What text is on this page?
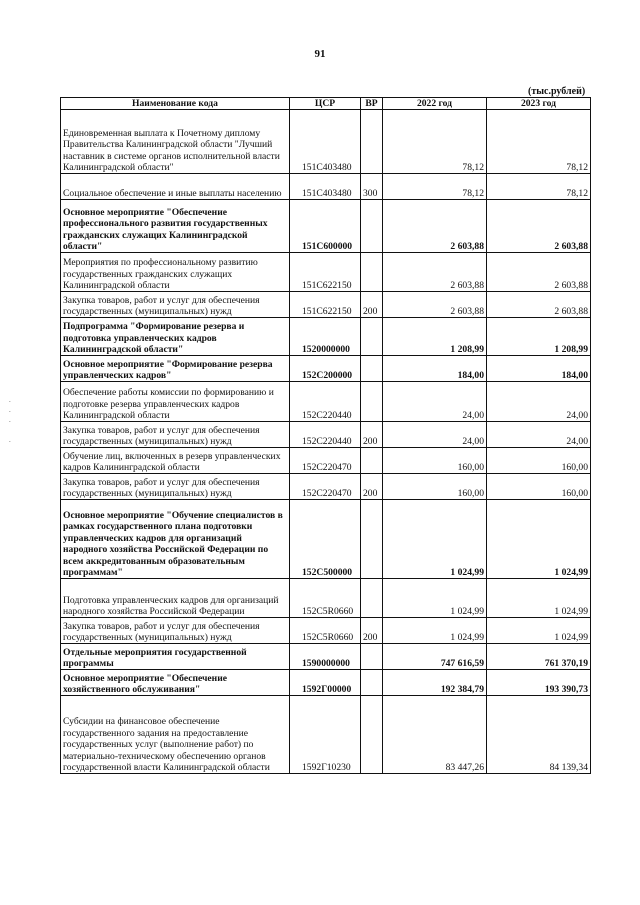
91
(тыс.рублей)
.
.
.

.
Наименование кода	ЦСР	ВР	2022 год	2023 год
Единовременная выплата к Почетному диплому Правительства Калининградской области "Лучший наставник в системе органов исполнительной власти Калининградской области"	151С403480		78,12	78,12
Социальное обеспечение и иные выплаты населению	151С403480	300	78,12	78,12
Основное мероприятие "Обеспечение профессионального развития государственных гражданских служащих Калининградской области"	151С600000		2 603,88	2 603,88
Мероприятия по профессиональному развитию государственных гражданских служащих Калининградской области	151С622150		2 603,88	2 603,88
Закупка товаров, работ и услуг для обеспечения государственных (муниципальных) нужд	151С622150	200	2 603,88	2 603,88
Подпрограмма "Формирование резерва и подготовка управленческих кадров Калининградской области"	1520000000		1 208,99	1 208,99
Основное мероприятие "Формирование резерва управленческих кадров"	152С200000		184,00	184,00
Обеспечение работы комиссии по формированию и подготовке резерва управленческих кадров Калининградской области	152С220440		24,00	24,00
Закупка товаров, работ и услуг для обеспечения государственных (муниципальных) нужд	152С220440	200	24,00	24,00
Обучение лиц, включенных в резерв управленческих кадров Калининградской области	152С220470		160,00	160,00
Закупка товаров, работ и услуг для обеспечения государственных (муниципальных) нужд	152С220470	200	160,00	160,00
Основное мероприятие "Обучение специалистов в рамках государственного плана подготовки управленческих кадров для организаций народного хозяйства Российской Федерации по всем аккредитованным образовательным программам"	152С500000		1 024,99	1 024,99
Подготовка управленческих кадров для организаций народного хозяйства Российской Федерации	152С5R0660		1 024,99	1 024,99
Закупка товаров, работ и услуг для обеспечения государственных (муниципальных) нужд	152С5R0660	200	1 024,99	1 024,99
Отдельные мероприятия государственной программы	1590000000		747 616,59	761 370,19
Основное мероприятие "Обеспечение хозяйственного обслуживания"	1592Г00000		192 384,79	193 390,73
Субсидии на финансовое обеспечение государственного задания на предоставление государственных услуг (выполнение работ) по материально-техническому обеспечению органов государственной власти Калининградской области	1592Г10230		83 447,26	84 139,34
